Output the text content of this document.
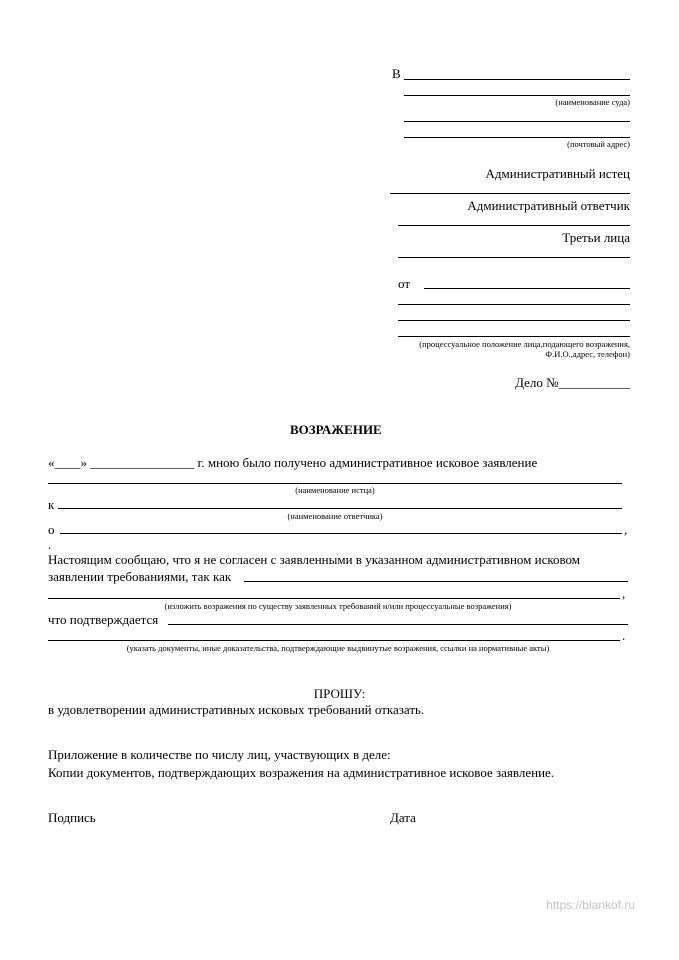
В
(наименование суда)
(почтовый адрес)
Административный истец
Административный ответчик
Третьи лица
от
(процессуальное положение лица,подающего возражения,
Ф.И.О.,адрес, телефон)
Дело №___________
ВОЗРАЖЕНИЕ
«____» ________________ г. мною было получено административное исковое заявление
(наименование истца)
к
(наименование ответчика)
о	,
.
Настоящим сообщаю, что я не согласен с заявленными в указанном административном исковом
заявлении требованиями, так как
,
(изложить возражения по существу заявленных требований и/или процессуальные возражения)
что подтверждается
.
(указать документы, иные доказательства, подтверждающие выдвинутые возражения, ссылки на нормативные акты)
ПРОШУ:
в удовлетворении административных исковых требований отказать.
Приложение в количестве по числу лиц, участвующих в деле:
Копии документов, подтверждающих возражения на административное исковое заявление.
Подпись	Дата
https://blankof.ru
